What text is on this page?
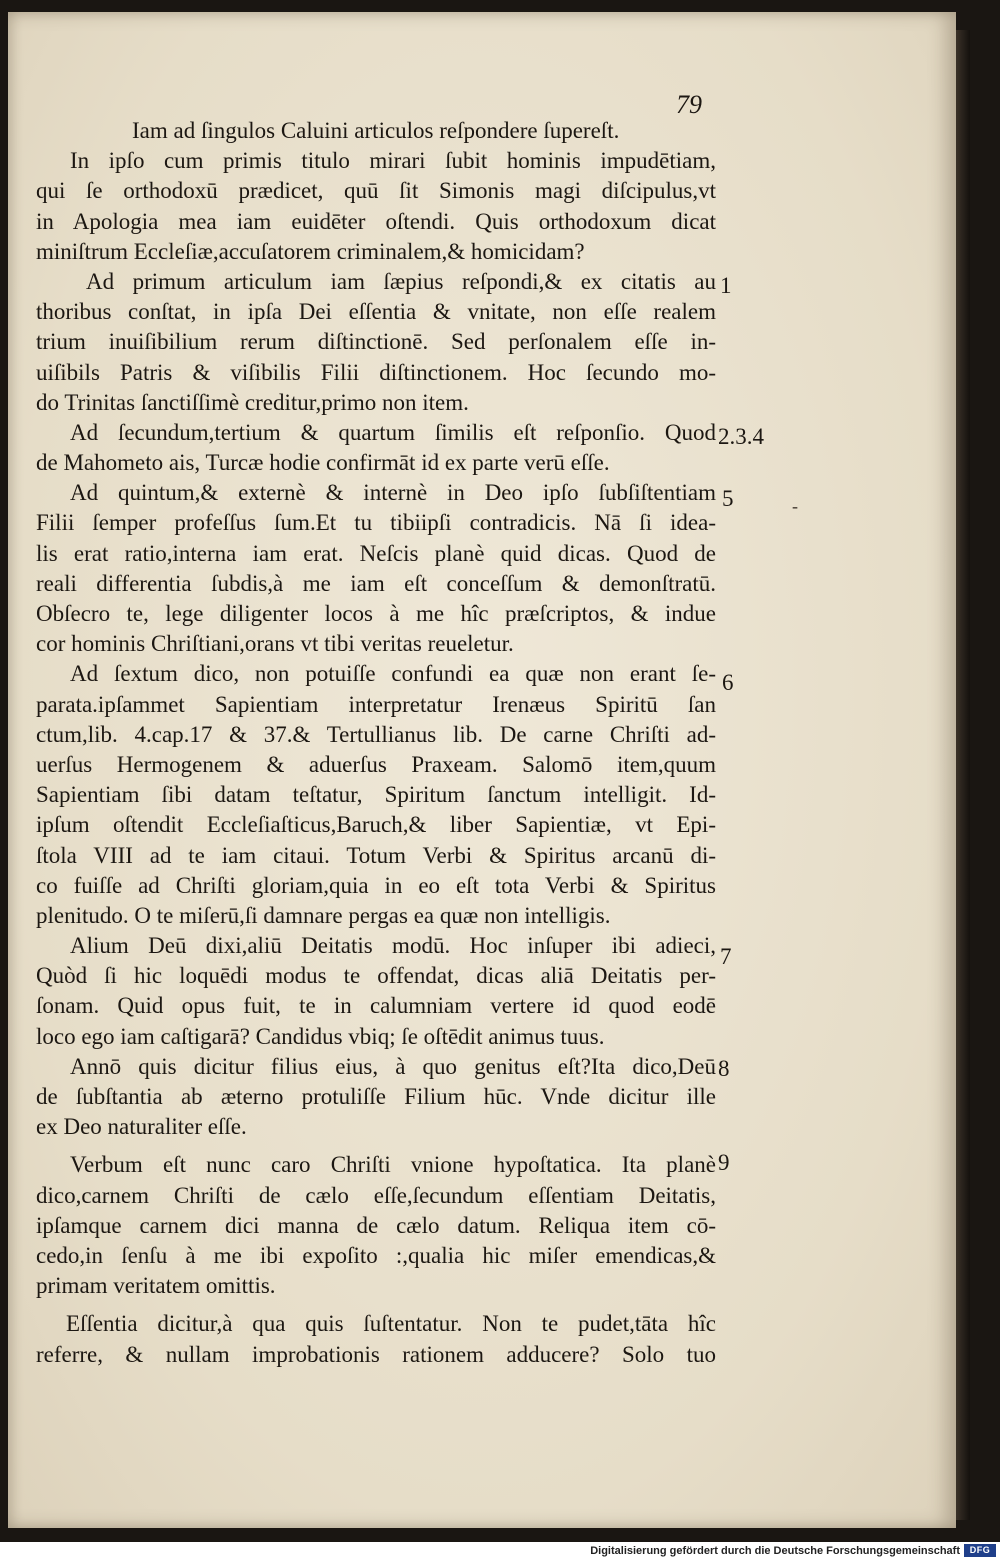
79
Iam ad ſingulos Caluini articulos reſpondere ſupereſt.
In ipſo cum primis titulo mirari ſubit hominis impudētiam,
qui ſe orthodoxū prædicet, quū ſit Simonis magi diſcipulus,vt
in Apologia mea iam euidēter oſtendi. Quis orthodoxum dicat
miniſtrum Eccleſiæ,accuſatorem criminalem,& homicidam?
Ad primum articulum iam ſæpius reſpondi,& ex citatis au
thoribus conſtat, in ipſa Dei eſſentia & vnitate, non eſſe realem
trium inuiſibilium rerum diſtinctionē. Sed perſonalem eſſe in-
uiſibils Patris & viſibilis Filii diſtinctionem. Hoc ſecundo mo-
do Trinitas ſanctiſſimè creditur,primo non item.
Ad ſecundum,tertium & quartum ſimilis eſt reſponſio. Quod
de Mahometo ais, Turcæ hodie confirmāt id ex parte verū eſſe.
Ad quintum,& externè & internè in Deo ipſo ſubſiſtentiam
Filii ſemper profeſſus ſum.Et tu tibiipſi contradicis. Nā ſi idea-
lis erat ratio,interna iam erat. Neſcis planè quid dicas. Quod de
reali differentia ſubdis,à me iam eſt conceſſum & demonſtratū.
Obſecro te, lege diligenter locos à me hîc præſcriptos, & indue
cor hominis Chriſtiani,orans vt tibi veritas reueletur.
Ad ſextum dico, non potuiſſe confundi ea quæ non erant ſe-
parata.ipſammet Sapientiam interpretatur Irenæus Spiritū ſan
ctum,lib. 4.cap.17 & 37.& Tertullianus lib. De carne Chriſti ad-
uerſus Hermogenem & aduerſus Praxeam. Salomō item,quum
Sapientiam ſibi datam teſtatur, Spiritum ſanctum intelligit. Id-
ipſum oſtendit Eccleſiaſticus,Baruch,& liber Sapientiæ, vt Epi-
ſtola VIII ad te iam citaui. Totum Verbi & Spiritus arcanū di-
co fuiſſe ad Chriſti gloriam,quia in eo eſt tota Verbi & Spiritus
plenitudo. O te miſerū,ſi damnare pergas ea quæ non intelligis.
Alium Deū dixi,aliū Deitatis modū. Hoc inſuper ibi adieci,
Quòd ſi hic loquēdi modus te offendat, dicas aliā Deitatis per-
ſonam. Quid opus fuit, te in calumniam vertere id quod eodē
loco ego iam caſtigarā? Candidus vbiq; ſe oſtēdit animus tuus.
Annō quis dicitur filius eius, à quo genitus eſt?Ita dico,Deū
de ſubſtantia ab æterno protuliſſe Filium hūc. Vnde dicitur ille
ex Deo naturaliter eſſe.
Verbum eſt nunc caro Chriſti vnione hypoſtatica. Ita planè
dico,carnem Chriſti de cælo eſſe,ſecundum eſſentiam Deitatis,
ipſamque carnem dici manna de cælo datum. Reliqua item cō-
cedo,in ſenſu à me ibi expoſito :,qualia hic miſer emendicas,&
primam veritatem omittis.
Eſſentia dicitur,à qua quis ſuſtentatur. Non te pudet,tāta hîc
referre, & nullam improbationis rationem adducere? Solo tuo
1
2.3.4
5
6
7
8
9
-
Digitalisierung gefördert durch die Deutsche Forschungsgemeinschaft	DFG
